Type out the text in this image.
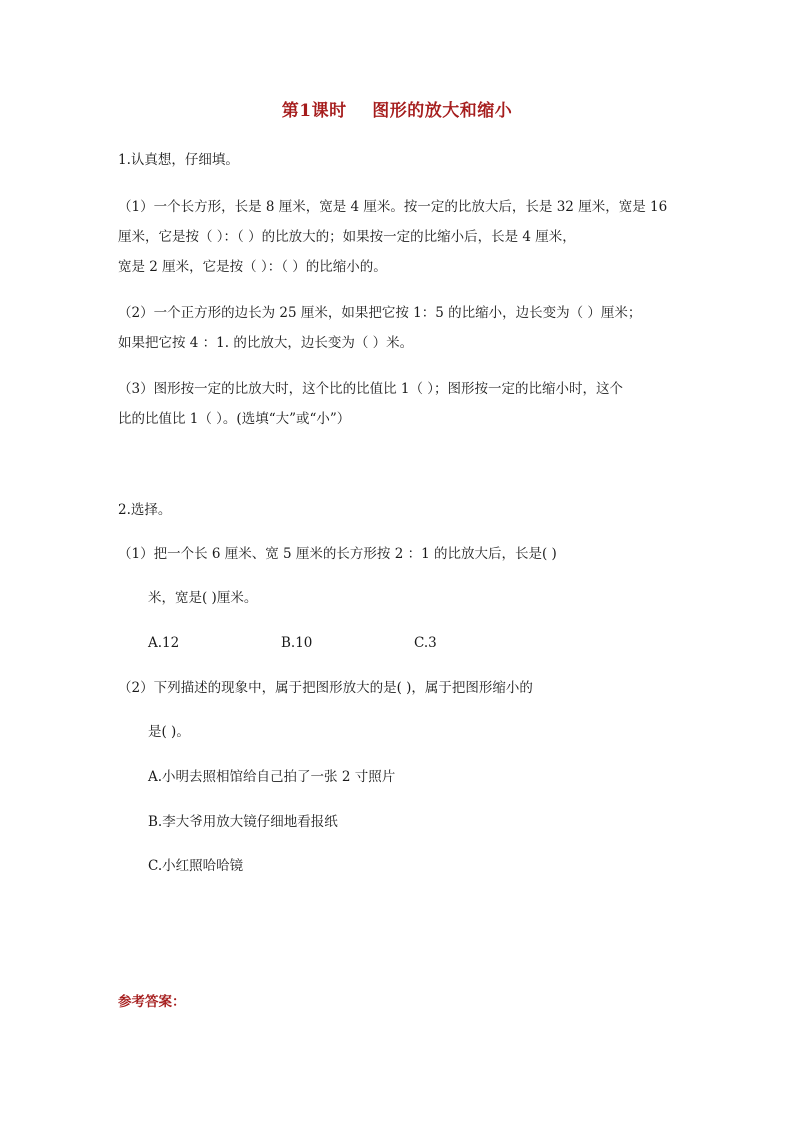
第1课时    图形的放大和缩小
1.认真想，仔细填。
（1）一个长方形，长是 8 厘米，宽是 4 厘米。按一定的比放大后，长是 32 厘米，宽是 16
厘米，它是按（ ）：（ ）的比放大的；如果按一定的比缩小后，长是 4 厘米，
宽是 2 厘米，它是按（ ）：（ ）的比缩小的。
（2）一个正方形的边长为 25 厘米，如果把它按 1：5 的比缩小，边长变为（ ）厘米；
如果把它按 4 ：1. 的比放大，边长变为（ ）米。
（3）图形按一定的比放大时，这个比的比值比 1（ ）；图形按一定的比缩小时，这个
比的比值比 1（ ）。(选填“大”或“小”）
2.选择。
（1）把一个长 6 厘米、宽 5 厘米的长方形按 2 ：1 的比放大后，长是( )
米，宽是( )厘米。
A.12	B.10	C.3
（2）下列描述的现象中，属于把图形放大的是( )，属于把图形缩小的
是( )。
A.小明去照相馆给自己拍了一张 2 寸照片
B.李大爷用放大镜仔细地看报纸
C.小红照哈哈镜
参考答案：
